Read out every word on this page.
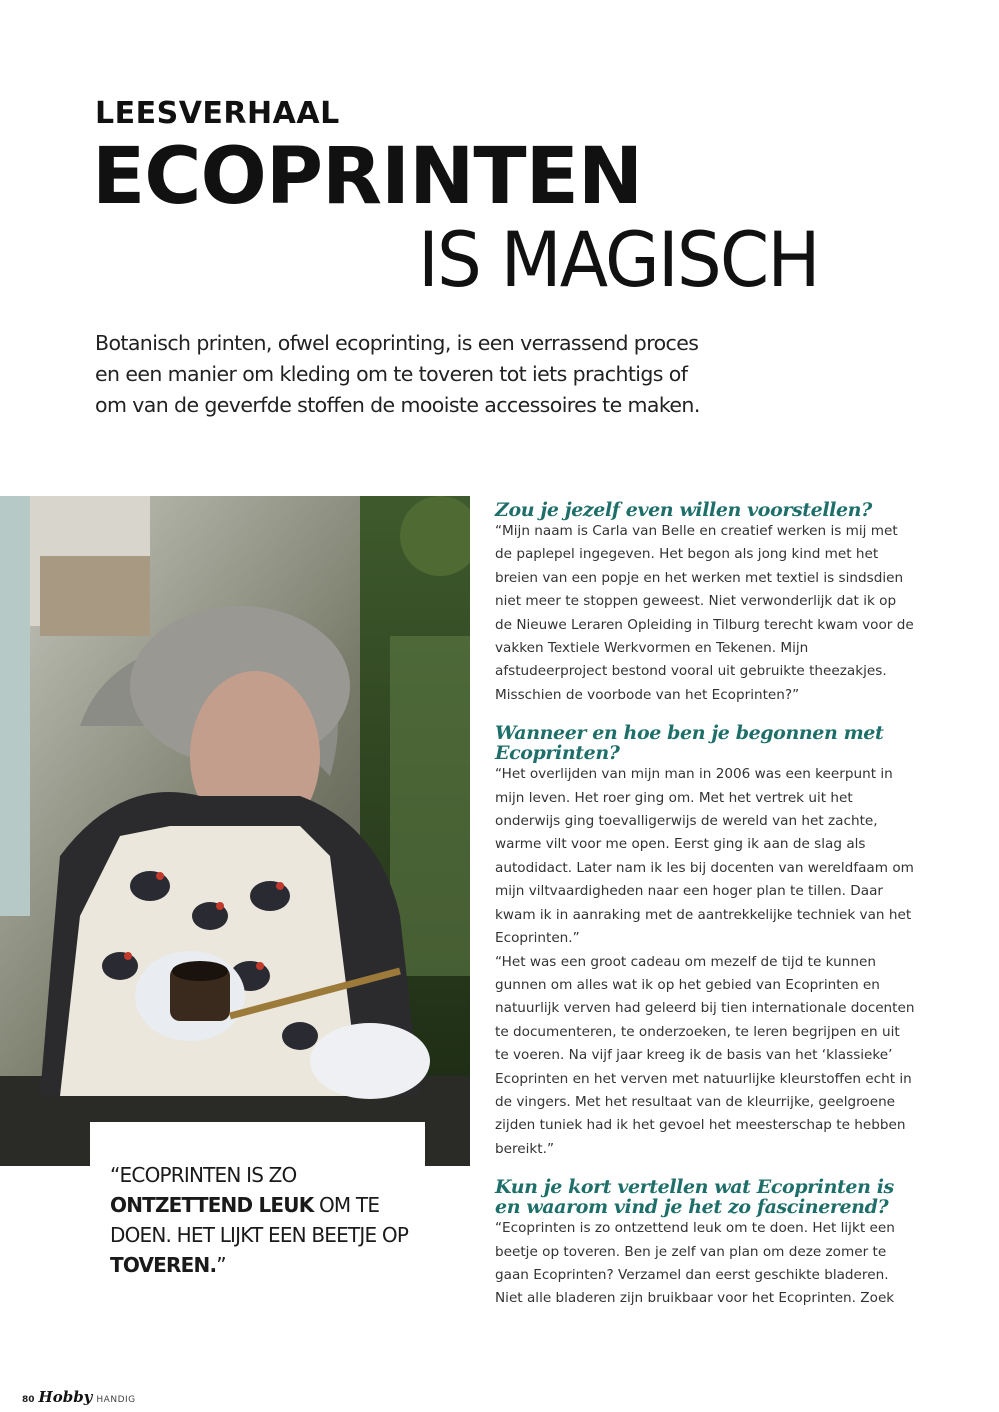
LEESVERHAAL
ECOPRINTEN
IS MAGISCH
Botanisch printen, ofwel ecoprinting, is een verrassend proces en een manier om kleding om te toveren tot iets prachtigs of om van de geverfde stoffen de mooiste accessoires te maken.
“ECOPRINTEN IS ZO
ONTZETTEND LEUK OM TE DOEN. HET LIJKT EEN BEETJE OP TOVEREN.”
Zou je jezelf even willen voorstellen?

“Mijn naam is Carla van Belle en creatief werken is mij met de paplepel ingegeven. Het begon als jong kind met het breien van een popje en het werken met textiel is sindsdien niet meer te stoppen geweest. Niet verwonderlijk dat ik op de Nieuwe Leraren Opleiding in Tilburg terecht kwam voor de vakken Textiele Werkvormen en Tekenen. Mijn afstudeerproject bestond vooral uit gebruikte theezakjes. Misschien de voorbode van het Ecoprinten?”

Wanneer en hoe ben je begonnen met Ecoprinten?

“Het overlijden van mijn man in 2006 was een keerpunt in mijn leven. Het roer ging om. Met het vertrek uit het onderwijs ging toevalligerwijs de wereld van het zachte, warme vilt voor me open. Eerst ging ik aan de slag als autodidact. Later nam ik les bij docenten van wereldfaam om mijn viltvaardigheden naar een hoger plan te tillen. Daar kwam ik in aanraking met de aantrekkelijke techniek van het Ecoprinten.”

“Het was een groot cadeau om mezelf de tijd te kunnen gunnen om alles wat ik op het gebied van Ecoprinten en natuurlijk verven had geleerd bij tien internationale docenten te documenteren, te onderzoeken, te leren begrijpen en uit te voeren. Na vijf jaar kreeg ik de basis van het ‘klassieke’ Ecoprinten en het verven met natuurlijke kleurstoffen echt in de vingers. Met het resultaat van de kleurrijke, geelgroene zijden tuniek had ik het gevoel het meesterschap te hebben bereikt.”

Kun je kort vertellen wat Ecoprinten is en waarom vind je het zo fascinerend?

“Ecoprinten is zo ontzettend leuk om te doen. Het lijkt een beetje op toveren. Ben je zelf van plan om deze zomer te gaan Ecoprinten? Verzamel dan eerst geschikte bladeren. Niet alle bladeren zijn bruikbaar voor het Ecoprinten. Zoek

80 Hobby HANDIG
